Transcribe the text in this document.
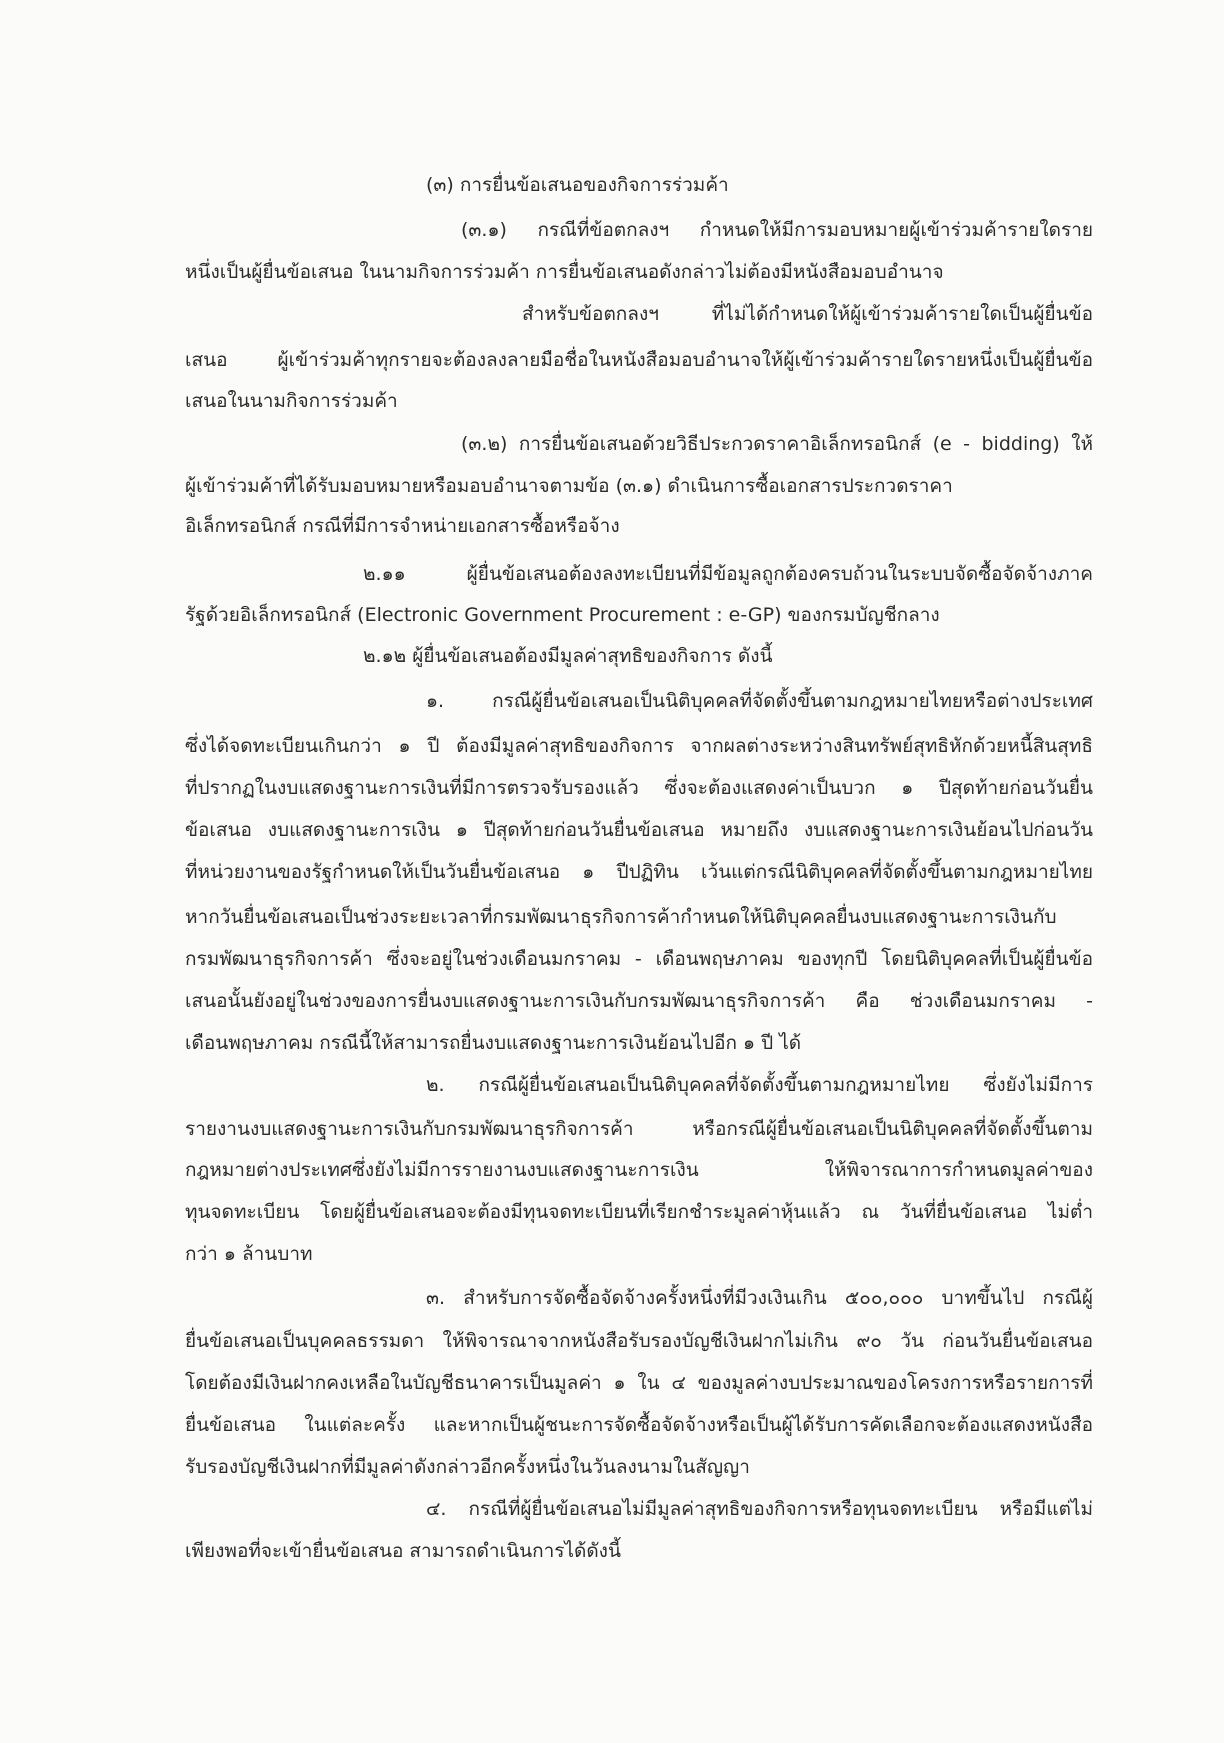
(๓) การยื่นข้อเสนอของกิจการร่วมค้า
(๓.๑) กรณีที่ข้อตกลงฯ กำหนดให้มีการมอบหมายผู้เข้าร่วมค้ารายใดราย
หนึ่งเป็นผู้ยื่นข้อเสนอ ในนามกิจการร่วมค้า การยื่นข้อเสนอดังกล่าวไม่ต้องมีหนังสือมอบอำนาจ
สำหรับข้อตกลงฯ ที่ไม่ได้กำหนดให้ผู้เข้าร่วมค้ารายใดเป็นผู้ยื่นข้อ
เสนอ ผู้เข้าร่วมค้าทุกรายจะต้องลงลายมือชื่อในหนังสือมอบอำนาจให้ผู้เข้าร่วมค้ารายใดรายหนึ่งเป็นผู้ยื่นข้อ
เสนอในนามกิจการร่วมค้า
(๓.๒) การยื่นข้อเสนอด้วยวิธีประกวดราคาอิเล็กทรอนิกส์ (e - bidding) ให้
ผู้เข้าร่วมค้าที่ได้รับมอบหมายหรือมอบอำนาจตามข้อ (๓.๑) ดำเนินการซื้อเอกสารประกวดราคา
อิเล็กทรอนิกส์ กรณีที่มีการจำหน่ายเอกสารซื้อหรือจ้าง
๒.๑๑ ผู้ยื่นข้อเสนอต้องลงทะเบียนที่มีข้อมูลถูกต้องครบถ้วนในระบบจัดซื้อจัดจ้างภาค
รัฐด้วยอิเล็กทรอนิกส์ (Electronic Government Procurement : e-GP) ของกรมบัญชีกลาง
๒.๑๒ ผู้ยื่นข้อเสนอต้องมีมูลค่าสุทธิของกิจการ ดังนี้
๑. กรณีผู้ยื่นข้อเสนอเป็นนิติบุคคลที่จัดตั้งขึ้นตามกฎหมายไทยหรือต่างประเทศ
ซึ่งได้จดทะเบียนเกินกว่า ๑ ปี ต้องมีมูลค่าสุทธิของกิจการ จากผลต่างระหว่างสินทรัพย์สุทธิหักด้วยหนี้สินสุทธิ
ที่ปรากฏในงบแสดงฐานะการเงินที่มีการตรวจรับรองแล้ว ซึ่งจะต้องแสดงค่าเป็นบวก ๑ ปีสุดท้ายก่อนวันยื่น
ข้อเสนอ งบแสดงฐานะการเงิน ๑ ปีสุดท้ายก่อนวันยื่นข้อเสนอ หมายถึง งบแสดงฐานะการเงินย้อนไปก่อนวัน
ที่หน่วยงานของรัฐกำหนดให้เป็นวันยื่นข้อเสนอ ๑ ปีปฏิทิน เว้นแต่กรณีนิติบุคคลที่จัดตั้งขึ้นตามกฎหมายไทย
หากวันยื่นข้อเสนอเป็นช่วงระยะเวลาที่กรมพัฒนาธุรกิจการค้ากำหนดให้นิติบุคคลยื่นงบแสดงฐานะการเงินกับ
กรมพัฒนาธุรกิจการค้า ซึ่งจะอยู่ในช่วงเดือนมกราคม - เดือนพฤษภาคม ของทุกปี โดยนิติบุคคลที่เป็นผู้ยื่นข้อ
เสนอนั้นยังอยู่ในช่วงของการยื่นงบแสดงฐานะการเงินกับกรมพัฒนาธุรกิจการค้า คือ ช่วงเดือนมกราคม -
เดือนพฤษภาคม กรณีนี้ให้สามารถยื่นงบแสดงฐานะการเงินย้อนไปอีก ๑ ปี ได้
๒. กรณีผู้ยื่นข้อเสนอเป็นนิติบุคคลที่จัดตั้งขึ้นตามกฎหมายไทย ซึ่งยังไม่มีการ
รายงานงบแสดงฐานะการเงินกับกรมพัฒนาธุรกิจการค้า หรือกรณีผู้ยื่นข้อเสนอเป็นนิติบุคคลที่จัดตั้งขึ้นตาม
กฎหมายต่างประเทศซึ่งยังไม่มีการรายงานงบแสดงฐานะการเงิน ให้พิจารณาการกำหนดมูลค่าของ
ทุนจดทะเบียน โดยผู้ยื่นข้อเสนอจะต้องมีทุนจดทะเบียนที่เรียกชำระมูลค่าหุ้นแล้ว ณ วันที่ยื่นข้อเสนอ ไม่ต่ำ
กว่า ๑ ล้านบาท
๓. สำหรับการจัดซื้อจัดจ้างครั้งหนึ่งที่มีวงเงินเกิน ๕๐๐,๐๐๐ บาทขึ้นไป กรณีผู้
ยื่นข้อเสนอเป็นบุคคลธรรมดา ให้พิจารณาจากหนังสือรับรองบัญชีเงินฝากไม่เกิน ๙๐ วัน ก่อนวันยื่นข้อเสนอ
โดยต้องมีเงินฝากคงเหลือในบัญชีธนาคารเป็นมูลค่า ๑ ใน ๔ ของมูลค่างบประมาณของโครงการหรือรายการที่
ยื่นข้อเสนอ ในแต่ละครั้ง และหากเป็นผู้ชนะการจัดซื้อจัดจ้างหรือเป็นผู้ได้รับการคัดเลือกจะต้องแสดงหนังสือ
รับรองบัญชีเงินฝากที่มีมูลค่าดังกล่าวอีกครั้งหนึ่งในวันลงนามในสัญญา
๔. กรณีที่ผู้ยื่นข้อเสนอไม่มีมูลค่าสุทธิของกิจการหรือทุนจดทะเบียน หรือมีแต่ไม่
เพียงพอที่จะเข้ายื่นข้อเสนอ สามารถดำเนินการได้ดังนี้
